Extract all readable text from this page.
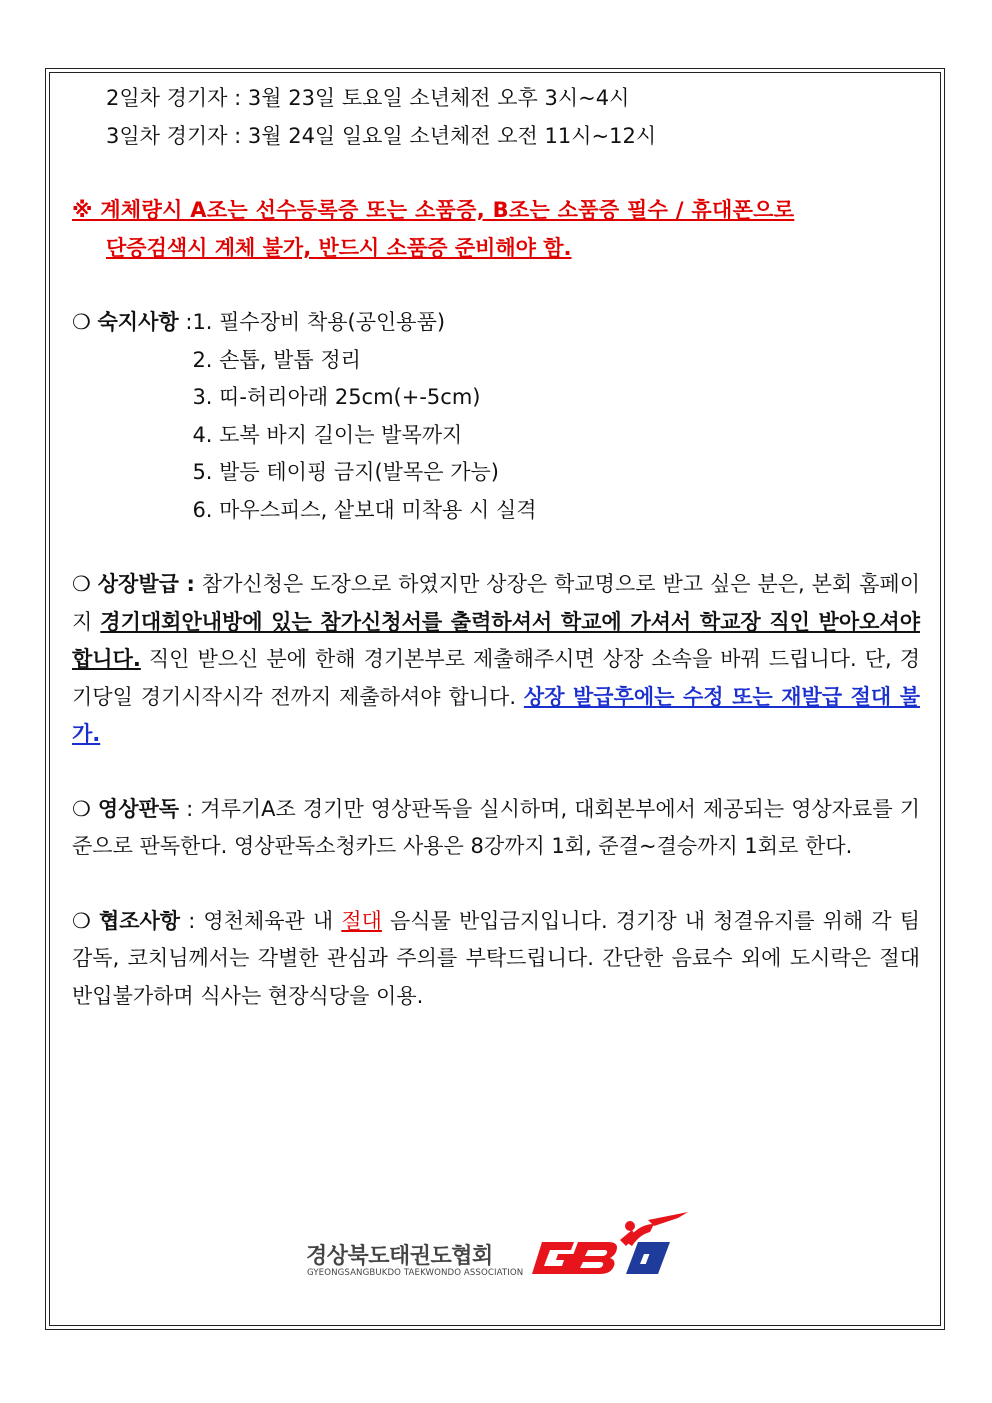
2일차 경기자 : 3월 23일 토요일 소년체전 오후 3시~4시
3일차 경기자 : 3월 24일 일요일 소년체전 오전 11시~12시
※ 계체량시 A조는 선수등록증 또는 소품증, B조는 소품증 필수 / 휴대폰으로
단증검색시 계체 불가, 반드시 소품증 준비해야 함.
❍ 숙지사항 : 1. 필수장비 착용(공인용품)
2. 손톱, 발톱 정리
3. 띠-허리아래 25cm(+-5cm)
4. 도복 바지 길이는 발목까지
5. 발등 테이핑 금지(발목은 가능)
6. 마우스피스, 샅보대 미착용 시 실격
❍ 상장발급 : 참가신청은 도장으로 하였지만 상장은 학교명으로 받고 싶은 분은, 본회 홈페이지 경기대회안내방에 있는 참가신청서를 출력하셔서 학교에 가셔서 학교장 직인 받아오셔야 합니다. 직인 받으신 분에 한해 경기본부로 제출해주시면 상장 소속을 바꿔 드립니다. 단, 경기당일 경기시작시각 전까지 제출하셔야 합니다. 상장 발급후에는 수정 또는 재발급 절대 불가.
❍ 영상판독 : 겨루기A조 경기만 영상판독을 실시하며, 대회본부에서 제공되는 영상자료를 기준으로 판독한다. 영상판독소청카드 사용은 8강까지 1회, 준결~결승까지 1회로 한다.
❍ 협조사항 : 영천체육관 내 절대 음식물 반입금지입니다. 경기장 내 청결유지를 위해 각 팀 감독, 코치님께서는 각별한 관심과 주의를 부탁드립니다. 간단한 음료수 외에 도시락은 절대 반입불가하며 식사는 현장식당을 이용.
경상북도태권도협회
GYEONGSANGBUKDO TAEKWONDO ASSOCIATION
